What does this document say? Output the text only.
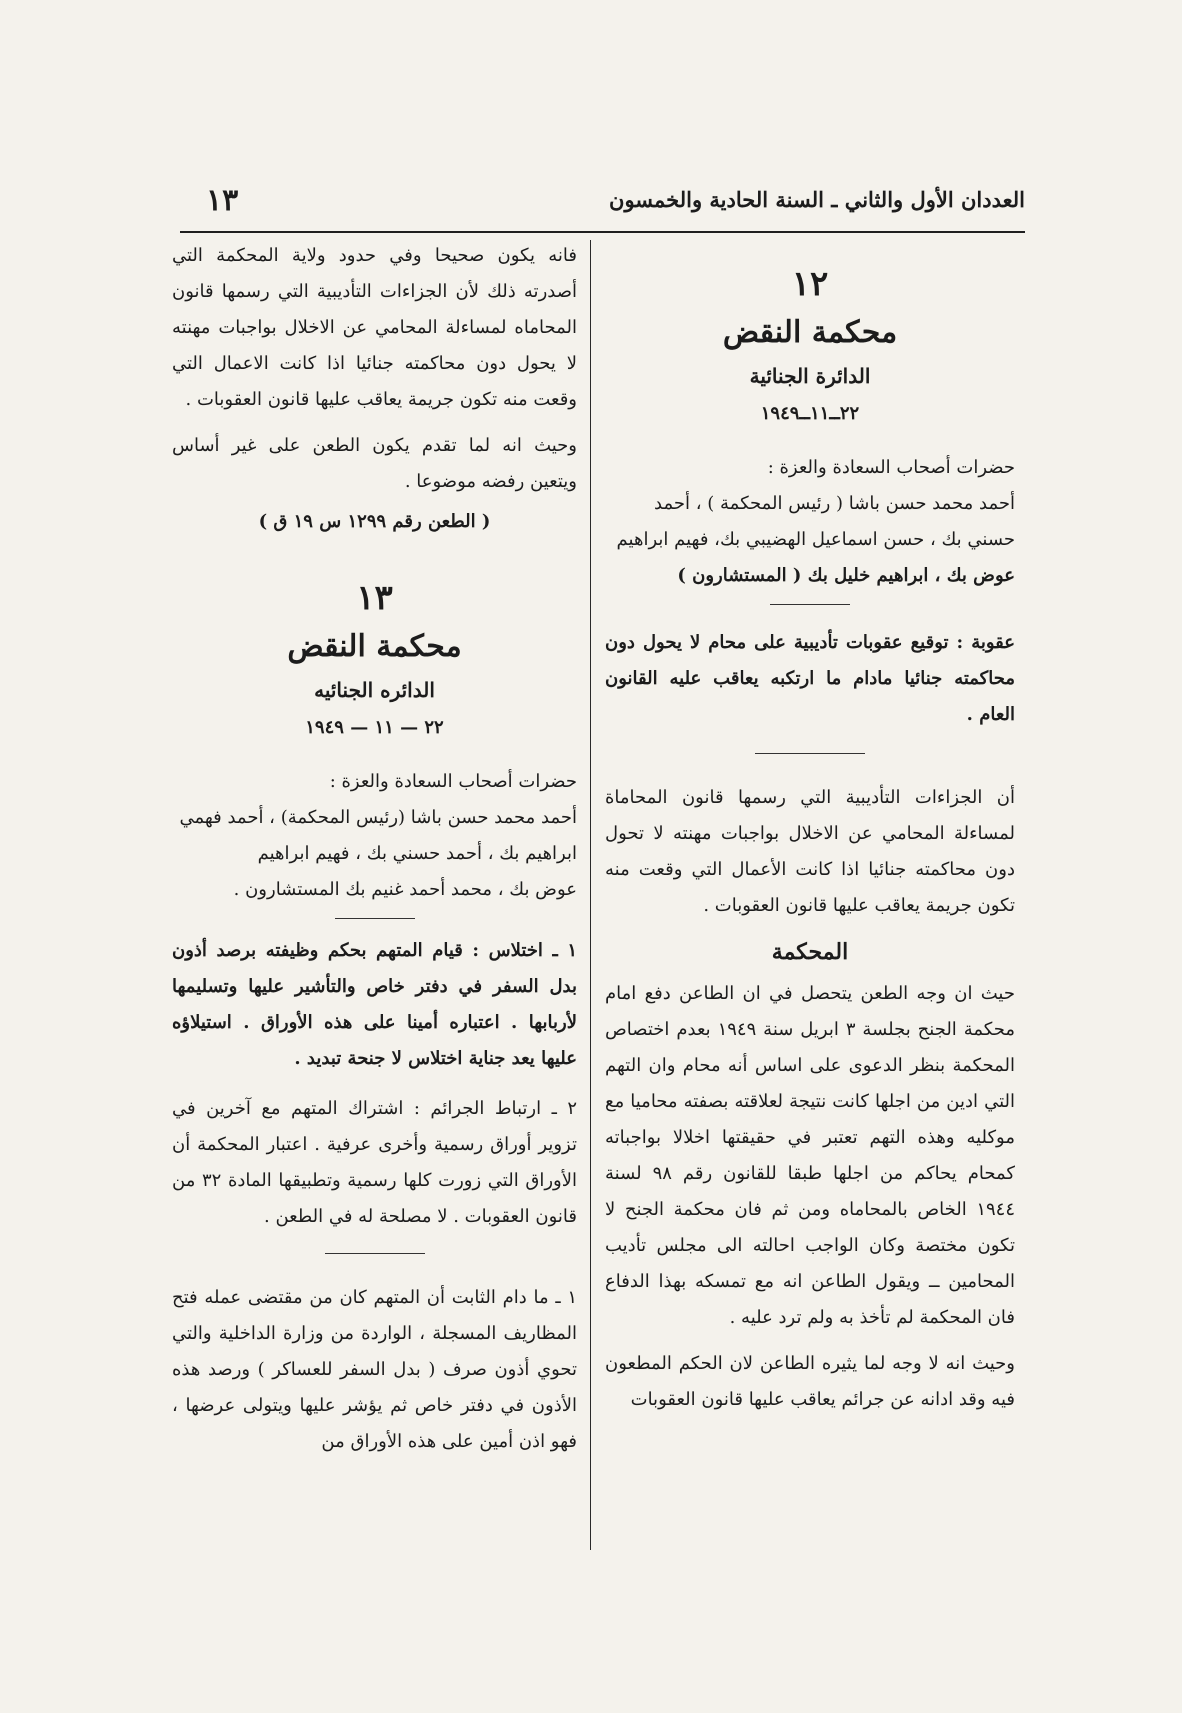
العددان الأول والثاني ـ السنة الحادية والخمسون
١٣

١٢

محكمة النقض

الدائرة الجنائية

٢٢ــ١١ــ١٩٤٩

حضرات أصحاب السعادة والعزة :

أحمد محمد حسن باشا ( رئيس المحكمة ) ، أحمد
حسني بك ، حسن اسماعيل الهضيبي بك، فهيم ابراهيم
عوض بك ، ابراهيم خليل بك ( المستشارون )

عقوبة : توقيع عقوبات تأديبية على محام لا يحول دون محاكمته جنائيا مادام ما ارتكبه يعاقب عليه القانون العام .

أن الجزاءات التأديبية التي رسمها قانون المحاماة لمساءلة المحامي عن الاخلال بواجبات مهنته لا تحول دون محاكمته جنائيا اذا كانت الأعمال التي وقعت منه تكون جريمة يعاقب عليها قانون العقوبات .

المحكمة

حيث ان وجه الطعن يتحصل في ان الطاعن دفع امام محكمة الجنح بجلسة ٣ ابريل سنة ١٩٤٩ بعدم اختصاص المحكمة بنظر الدعوى على اساس أنه محام وان التهم التي ادين من اجلها كانت نتيجة لعلاقته بصفته محاميا مع موكليه وهذه التهم تعتبر في حقيقتها اخلالا بواجباته كمحام يحاكم من اجلها طبقا للقانون رقم ٩٨ لسنة ١٩٤٤ الخاص بالمحاماه ومن ثم فان محكمة الجنح لا تكون مختصة وكان الواجب احالته الى مجلس تأديب المحامين ــ ويقول الطاعن انه مع تمسكه بهذا الدفاع فان المحكمة لم تأخذ به ولم ترد عليه .

وحيث انه لا وجه لما يثيره الطاعن لان الحكم المطعون فيه وقد ادانه عن جرائم يعاقب عليها قانون العقوبات

فانه يكون صحيحا وفي حدود ولاية المحكمة التي أصدرته ذلك لأن الجزاءات التأديبية التي رسمها قانون المحاماه لمساءلة المحامي عن الاخلال بواجبات مهنته لا يحول دون محاكمته جنائيا اذا كانت الاعمال التي وقعت منه تكون جريمة يعاقب عليها قانون العقوبات .

وحيث انه لما تقدم يكون الطعن على غير أساس ويتعين رفضه موضوعا .

( الطعن رقم ١٢٩٩ س ١٩ ق )

١٣

محكمة النقض

الدائره الجنائيه

٢٢ — ١١ — ١٩٤٩

حضرات أصحاب السعادة والعزة :

أحمد محمد حسن باشا (رئيس المحكمة) ، أحمد فهمي
ابراهيم بك ، أحمد حسني بك ، فهيم ابراهيم
عوض بك ، محمد أحمد غنيم بك المستشارون .

١ ـ اختلاس : قيام المتهم بحكم وظيفته برصد أذون بدل السفر في دفتر خاص والتأشير عليها وتسليمها لأربابها . اعتباره أمينا على هذه الأوراق . استيلاؤه عليها يعد جناية اختلاس لا جنحة تبديد .

٢ ـ ارتباط الجرائم : اشتراك المتهم مع آخرين في تزوير أوراق رسمية وأخرى عرفية . اعتبار المحكمة أن الأوراق التي زورت كلها رسمية وتطبيقها المادة ٣٢ من قانون العقوبات . لا مصلحة له في الطعن .

١ ـ ما دام الثابت أن المتهم كان من مقتضى عمله فتح المظاريف المسجلة ، الواردة من وزارة الداخلية والتي تحوي أذون صرف ( بدل السفر للعساكر ) ورصد هذه الأذون في دفتر خاص ثم يؤشر عليها ويتولى عرضها ، فهو اذن أمين على هذه الأوراق من
